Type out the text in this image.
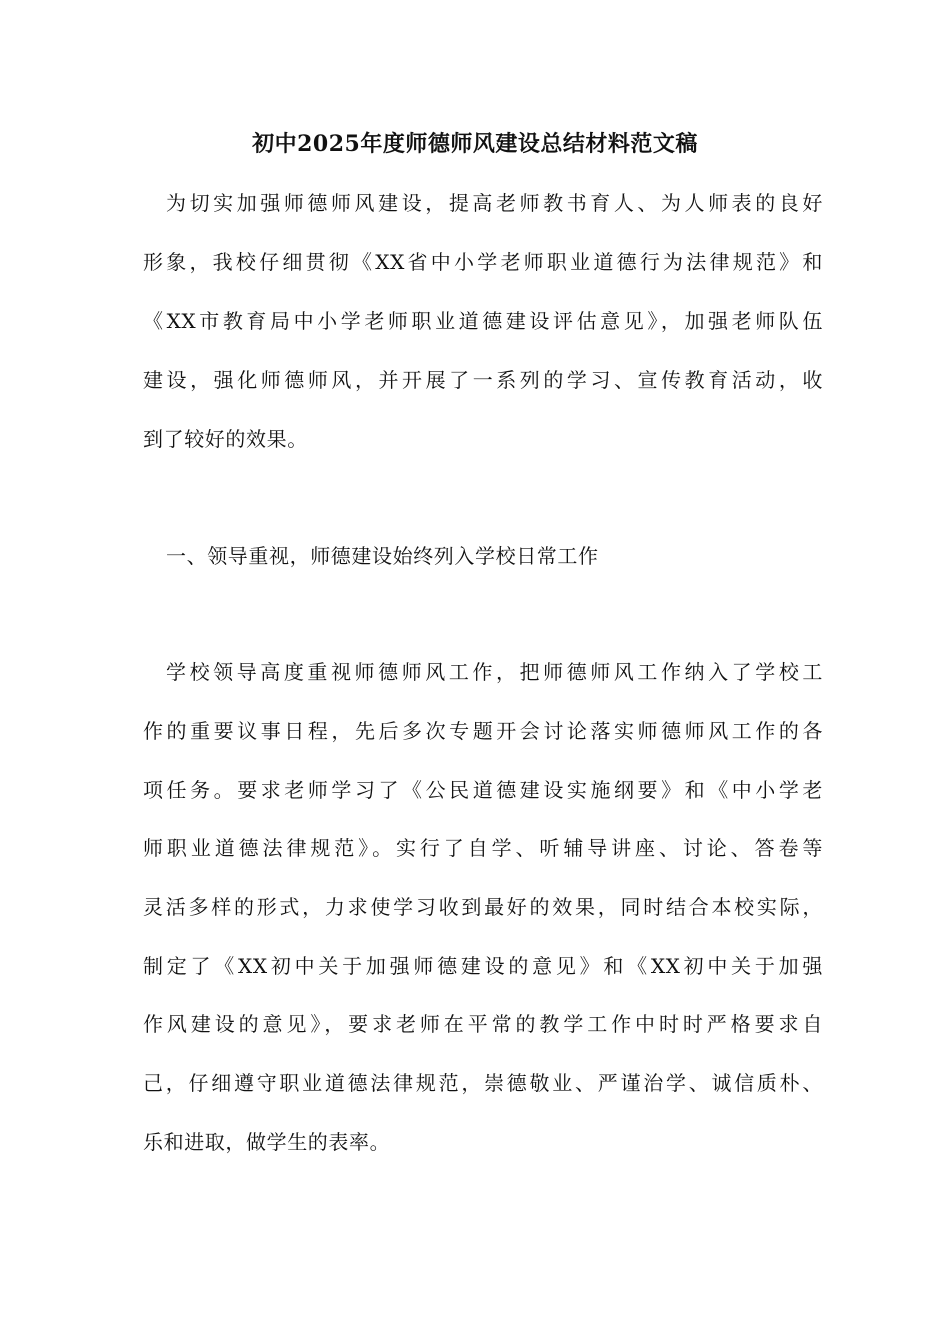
初中2025年度师德师风建设总结材料范文稿
为切实加强师德师风建设，提高老师教书育人、为人师表的良好
形象，我校仔细贯彻《XX省中小学老师职业道德行为法律规范》和
《XX市教育局中小学老师职业道德建设评估意见》，加强老师队伍
建设，强化师德师风，并开展了一系列的学习、宣传教育活动，收
到了较好的效果。
一、领导重视，师德建设始终列入学校日常工作
学校领导高度重视师德师风工作，把师德师风工作纳入了学校工
作的重要议事日程，先后多次专题开会讨论落实师德师风工作的各
项任务。要求老师学习了《公民道德建设实施纲要》和《中小学老
师职业道德法律规范》。实行了自学、听辅导讲座、讨论、答卷等
灵活多样的形式，力求使学习收到最好的效果，同时结合本校实际，
制定了《XX初中关于加强师德建设的意见》和《XX初中关于加强
作风建设的意见》，要求老师在平常的教学工作中时时严格要求自
己，仔细遵守职业道德法律规范，崇德敬业、严谨治学、诚信质朴、
乐和进取，做学生的表率。
